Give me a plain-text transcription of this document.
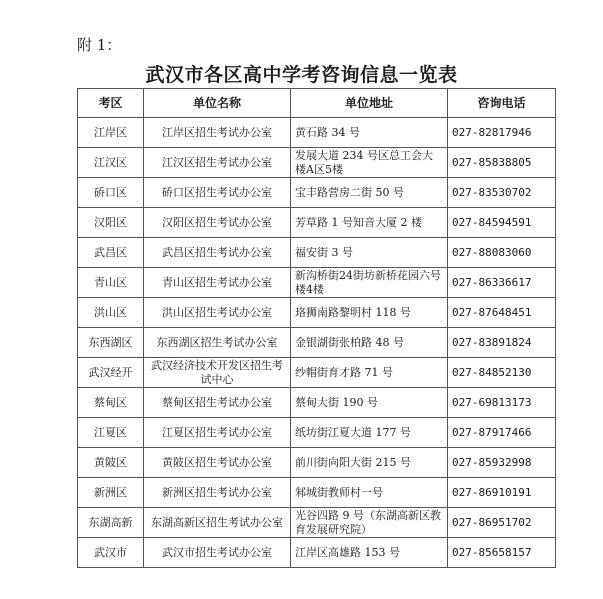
附 1：
武汉市各区高中学考咨询信息一览表
考区	单位名称	单位地址	咨询电话
江岸区	江岸区招生考试办公室	黄石路 34 号	027-82817946
江汉区	江汉区招生考试办公室	发展大道 234 号区总工会大楼A区5楼	027-85838805
硚口区	硚口区招生考试办公室	宝丰路营房二街 50 号	027-83530702
汉阳区	汉阳区招生考试办公室	芳草路 1 号知音大厦 2 楼	027-84594591
武昌区	武昌区招生考试办公室	福安街 3 号	027-88083060
青山区	青山区招生考试办公室	新沟桥街24街坊新桥花园六号楼4楼	027-86336617
洪山区	洪山区招生考试办公室	珞狮南路黎明村 118 号	027-87648451
东西湖区	东西湖区招生考试办公室	金银湖街张柏路 48 号	027-83891824
武汉经开	武汉经济技术开发区招生考试中心	纱帽街育才路 71 号	027-84852130
蔡甸区	蔡甸区招生考试办公室	蔡甸大街 190 号	027-69813173
江夏区	江夏区招生考试办公室	纸坊街江夏大道 177 号	027-87917466
黄陂区	黄陂区招生考试办公室	前川街向阳大街 215 号	027-85932998
新洲区	新洲区招生考试办公室	邾城街教师村一号	027-86910191
东湖高新	东湖高新区招生考试办公室	光谷四路 9 号（东湖高新区教育发展研究院）	027-86951702
武汉市	武汉市招生考试办公室	江岸区高雄路 153 号	027-85658157
